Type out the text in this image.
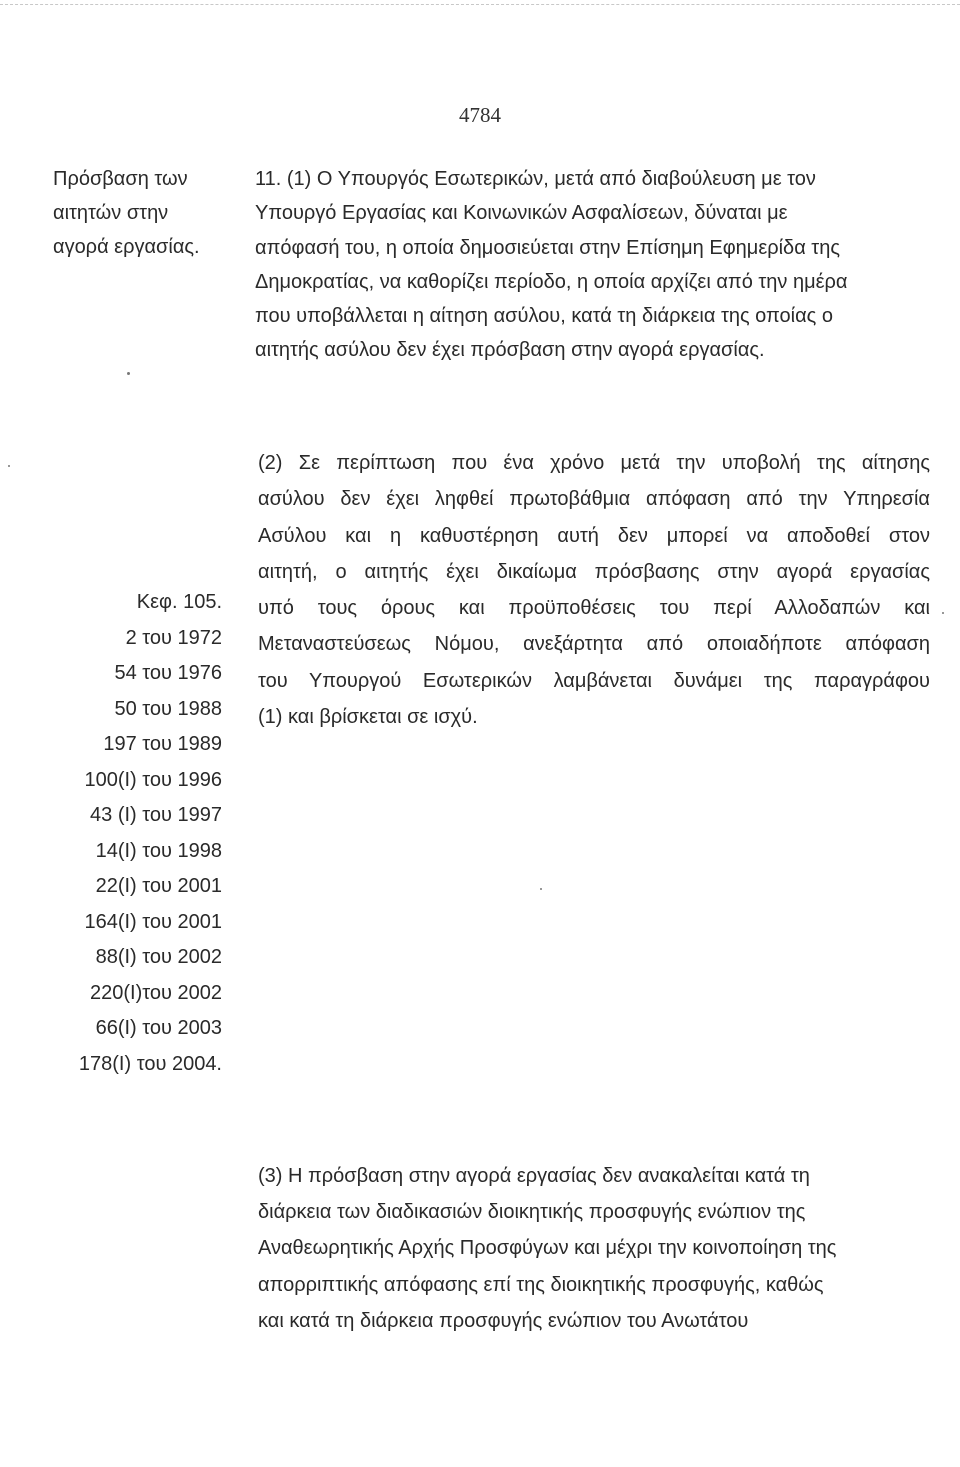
4784
Πρόσβαση των
αιτητών στην
αγορά εργασίας.
11. (1) Ο Υπουργός Εσωτερικών, μετά από διαβούλευση με τον
Υπουργό Εργασίας και Κοινωνικών Ασφαλίσεων, δύναται με
απόφασή του, η οποία δημοσιεύεται στην Επίσημη Εφημερίδα της
Δημοκρατίας, να καθορίζει περίοδο, η οποία αρχίζει από την ημέρα
που υποβάλλεται η αίτηση ασύλου, κατά τη διάρκεια της οποίας ο
αιτητής ασύλου δεν έχει πρόσβαση στην αγορά εργασίας.
(2) Σε περίπτωση που ένα χρόνο μετά την υποβολή της αίτησης
ασύλου δεν έχει ληφθεί πρωτοβάθμια απόφαση από την Υπηρεσία
Ασύλου και η καθυστέρηση αυτή δεν μπορεί να αποδοθεί στον
αιτητή, ο αιτητής έχει δικαίωμα πρόσβασης στην αγορά εργασίας
υπό τους όρους και προϋποθέσεις του περί Αλλοδαπών και
Μεταναστεύσεως Νόμου, ανεξάρτητα από οποιαδήποτε απόφαση
του Υπουργού Εσωτερικών λαμβάνεται δυνάμει της παραγράφου
(1) και βρίσκεται σε ισχύ.
Κεφ. 105.
2 του 1972
54 του 1976
50 του 1988
197 του 1989
100(Ι) του 1996
43 (Ι) του 1997
14(Ι) του 1998
22(Ι) του 2001
164(Ι) του 2001
88(Ι) του 2002
220(Ι)του 2002
66(Ι) του 2003
178(Ι) του 2004.
(3) Η πρόσβαση στην αγορά εργασίας δεν ανακαλείται κατά τη
διάρκεια των διαδικασιών διοικητικής προσφυγής ενώπιον της
Αναθεωρητικής Αρχής Προσφύγων και μέχρι την κοινοποίηση της
απορριπτικής απόφασης επί της διοικητικής προσφυγής, καθώς
και κατά τη διάρκεια προσφυγής ενώπιον του Ανωτάτου
